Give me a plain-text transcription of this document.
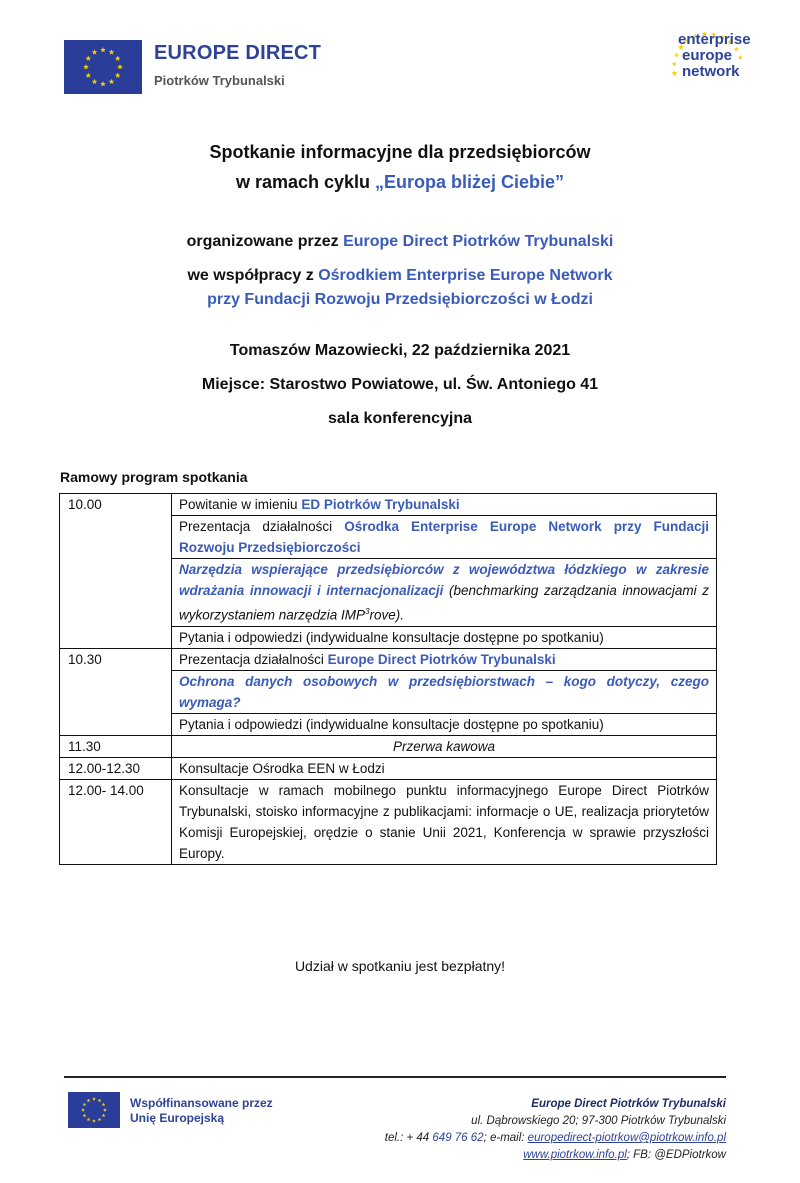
EUROPE DIRECT
Piotrków Trybunalski
enterprise
europe
network
Spotkanie informacyjne dla przedsiębiorców
w ramach cyklu „Europa bliżej Ciebie”
organizowane przez Europe Direct Piotrków Trybunalski
we współpracy z Ośrodkiem Enterprise Europe Network
przy Fundacji Rozwoju Przedsiębiorczości w Łodzi
Tomaszów Mazowiecki, 22 października 2021
Miejsce: Starostwo Powiatowe, ul. Św. Antoniego 41
sala konferencyjna
Ramowy program spotkania
10.00	Powitanie w imieniu ED Piotrków Trybunalski
	Prezentacja działalności Ośrodka Enterprise Europe Network przy Fundacji Rozwoju Przedsiębiorczości
	Narzędzia wspierające przedsiębiorców z województwa łódzkiego w zakresie wdrażania innowacji i internacjonalizacji (benchmarking zarządzania innowacjami z wykorzystaniem narzędzia IMP$^3$rove).
	Pytania i odpowiedzi (indywidualne konsultacje dostępne po spotkaniu)
10.30	Prezentacja działalności Europe Direct Piotrków Trybunalski
	Ochrona danych osobowych w przedsiębiorstwach – kogo dotyczy, czego wymaga?
	Pytania i odpowiedzi (indywidualne konsultacje dostępne po spotkaniu)
11.30	Przerwa kawowa
12.00-12.30	Konsultacje Ośrodka EEN w Łodzi
12.00- 14.00	Konsultacje w ramach mobilnego punktu informacyjnego Europe Direct Piotrków Trybunalski, stoisko informacyjne z publikacjami: informacje o UE, realizacja priorytetów Komisji Europejskiej, orędzie o stanie Unii 2021, Konferencja w sprawie przyszłości Europy.
Udział w spotkaniu jest bezpłatny!
Współfinansowane przez
Unię Europejską
Europe Direct Piotrków Trybunalski
ul. Dąbrowskiego 20; 97-300 Piotrków Trybunalski
tel.: + 44 649 76 62; e-mail: europedirect-piotrkow@piotrkow.info.pl
www.piotrkow.info.pl; FB: @EDPiotrkow
